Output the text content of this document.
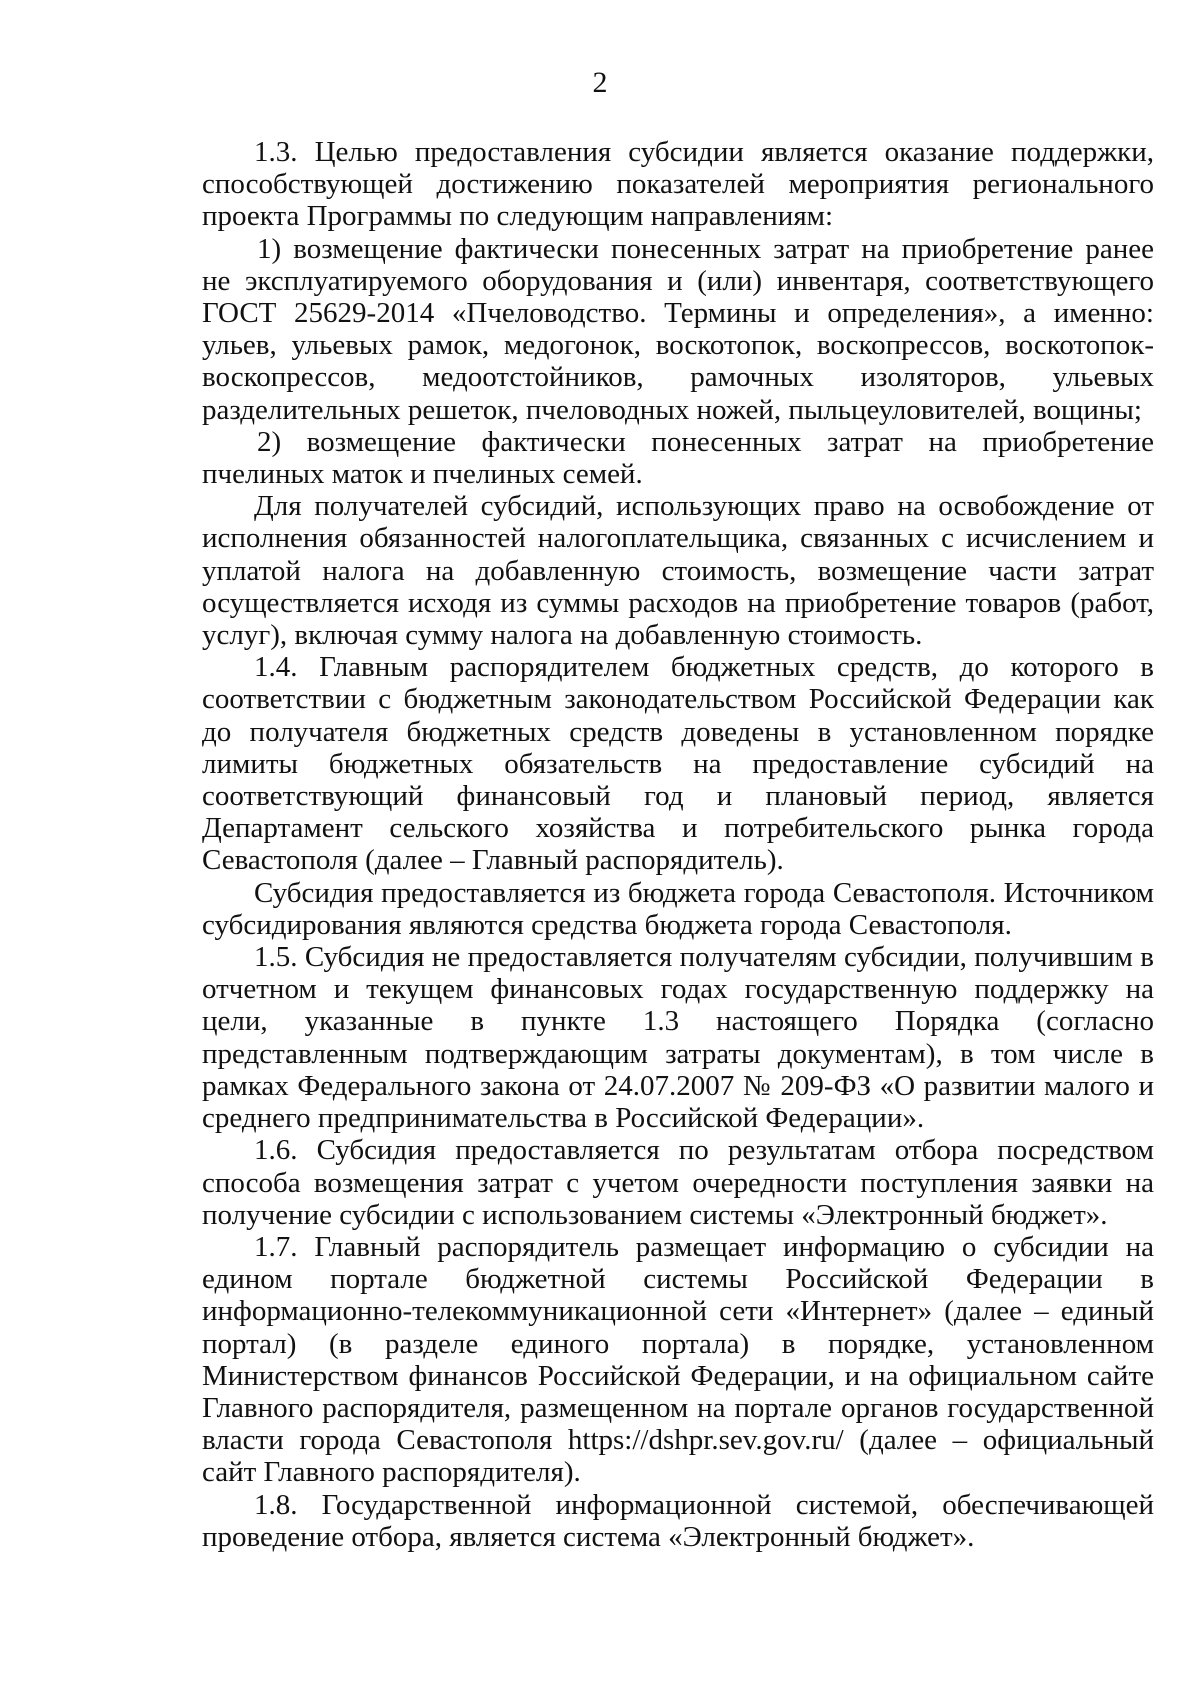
2

1.3. Целью предоставления субсидии является оказание поддержки, способствующей достижению показателей мероприятия регионального проекта Программы по следующим направлениям:

1) возмещение фактически понесенных затрат на приобретение ранее не эксплуатируемого оборудования и (или) инвентаря, соответствующего ГОСТ 25629-2014 «Пчеловодство. Термины и определения», а именно: ульев, ульевых рамок, медогонок, воскотопок, воскопрессов, воскотопок-воскопрессов, медоотстойников, рамочных изоляторов, ульевых разделительных решеток, пчеловодных ножей, пыльцеуловителей, вощины;

2) возмещение фактически понесенных затрат на приобретение пчелиных маток и пчелиных семей.

Для получателей субсидий, использующих право на освобождение от исполнения обязанностей налогоплательщика, связанных с исчислением и уплатой налога на добавленную стоимость, возмещение части затрат осуществляется исходя из суммы расходов на приобретение товаров (работ, услуг), включая сумму налога на добавленную стоимость.

1.4. Главным распорядителем бюджетных средств, до которого в соответствии с бюджетным законодательством Российской Федерации как до получателя бюджетных средств доведены в установленном порядке лимиты бюджетных обязательств на предоставление субсидий на соответствующий финансовый год и плановый период, является Департамент сельского хозяйства и потребительского рынка города Севастополя (далее – Главный распорядитель).

Субсидия предоставляется из бюджета города Севастополя. Источником субсидирования являются средства бюджета города Севастополя.

1.5. Субсидия не предоставляется получателям субсидии, получившим в отчетном и текущем финансовых годах государственную поддержку на цели, указанные в пункте 1.3 настоящего Порядка (согласно представленным подтверждающим затраты документам), в том числе в рамках Федерального закона от 24.07.2007 № 209-ФЗ «О развитии малого и среднего предпринимательства в Российской Федерации».

1.6. Субсидия предоставляется по результатам отбора посредством способа возмещения затрат с учетом очередности поступления заявки на получение субсидии с использованием системы «Электронный бюджет».

1.7. Главный распорядитель размещает информацию о субсидии на едином портале бюджетной системы Российской Федерации в информационно-телекоммуникационной сети «Интернет» (далее – единый портал) (в разделе единого портала) в порядке, установленном Министерством финансов Российской Федерации, и на официальном сайте Главного распорядителя, размещенном на портале органов государственной власти города Севастополя https://dshpr.sev.gov.ru/ (далее – официальный сайт Главного распорядителя).

1.8. Государственной информационной системой, обеспечивающей проведение отбора, является система «Электронный бюджет».
